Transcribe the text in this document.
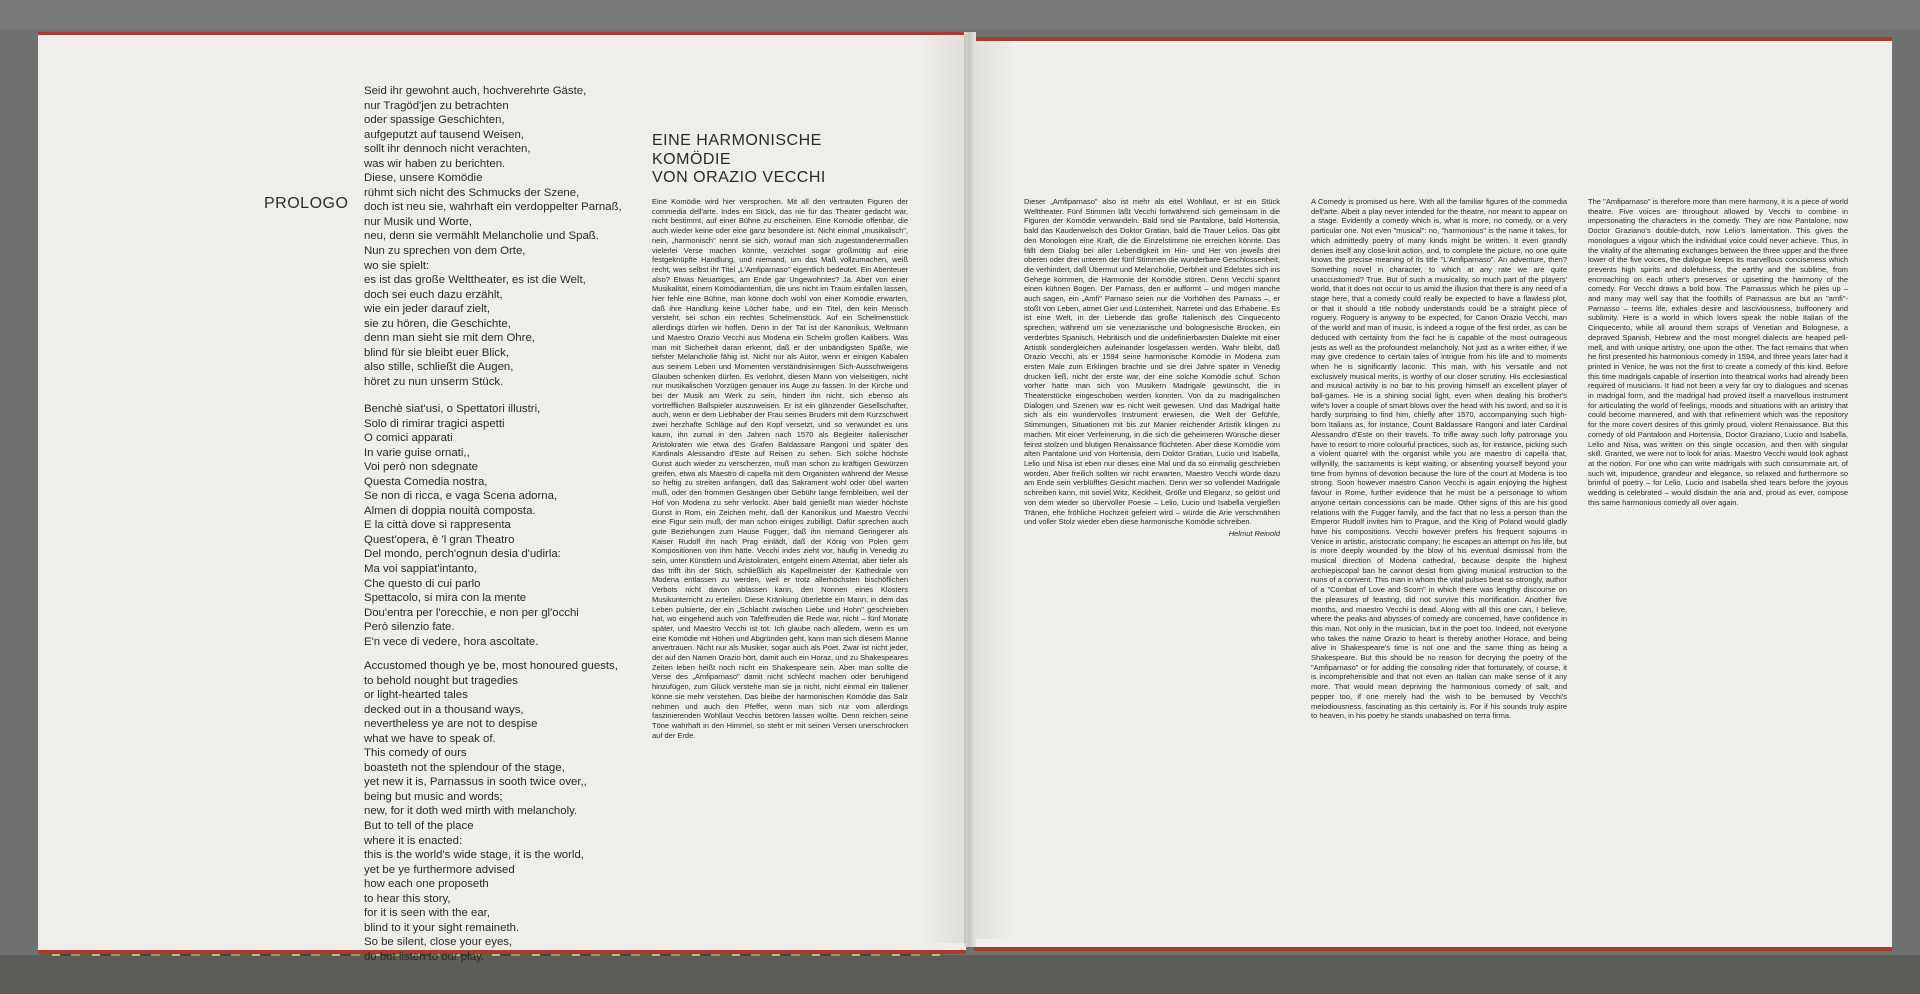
PROLOGO
Seid ihr gewohnt auch, hochverehrte Gäste,
nur Tragöd'jen zu betrachten
oder spassige Geschichten,
aufgeputzt auf tausend Weisen,
sollt ihr dennoch nicht verachten,
was wir haben zu berichten.
Diese, unsere Komödie
rühmt sich nicht des Schmucks der Szene,
doch ist neu sie, wahrhaft ein verdoppelter Parnaß,
nur Musik und Worte,
neu, denn sie vermählt Melancholie und Spaß.
Nun zu sprechen von dem Orte,
wo sie spielt:
es ist das große Welttheater, es ist die Welt,
doch sei euch dazu erzählt,
wie ein jeder darauf zielt,
sie zu hören, die Geschichte,
denn man sieht sie mit dem Ohre,
blind für sie bleibt euer Blick,
also stille, schließt die Augen,
höret zu nun unserm Stück.
Benchè siat'usi, o Spettatori illustri,
Solo di rimirar tragici aspetti
O comici apparati
In varie guise ornati,,
Voi però non sdegnate
Questa Comedia nostra,
Se non di ricca, e vaga Scena adorna,
Almen di doppia nouità composta.
E la città dove si rappresenta
Quest'opera, è 'l gran Theatro
Del mondo, perch'ognun desia d'udirla:
Ma voi sappiat'intanto,
Che questo di cui parlo
Spettacolo, si mira con la mente
Dou'entra per l'orecchie, e non per gl'occhi
Però silenzio fate.
E'n vece di vedere, hora ascoltate.
Accustomed though ye be, most honoured guests,
to behold nought but tragedies
or light-hearted tales
decked out in a thousand ways,
nevertheless ye are not to despise
what we have to speak of.
This comedy of ours
boasteth not the splendour of the stage,
yet new it is, Parnassus in sooth twice over,,
being but music and words;
new, for it doth wed mirth with melancholy.
But to tell of the place
where it is enacted:
this is the world's wide stage, it is the world,
yet be ye furthermore advised
how each one proposeth
to hear this story,
for it is seen with the ear,
blind to it your sight remaineth.
So be silent, close your eyes,
do but listen to our play.
EINE HARMONISCHE
KOMÖDIE
VON ORAZIO VECCHI
Eine Komödie wird hier versprochen. Mit all den vertrauten Figuren der commedia dell'arte. Indes ein Stück, das nie für das Theater gedacht war, nicht bestimmt, auf einer Bühne zu erscheinen. Eine Komödie offenbar, die auch wieder keine oder eine ganz besondere ist. Nicht einmal „musikalisch", nein, „harmonisch" nennt sie sich, worauf man sich zugestandenermaßen vielerlei Verse machen könnte, verzichtet sogar großmütig auf eine festgeknüpfte Handlung, und niemand, um das Maß vollzumachen, weiß recht, was selbst ihr Titel „L'Amfiparnaso" eigentlich bedeutet. Ein Abenteuer also? Etwas Neuartiges, am Ende gar Ungewohntes? Ja. Aber von einer Musikalität, einem Komödiantentum, die uns nicht im Traum einfallen lassen, hier fehle eine Bühne, man könne doch wohl von einer Komödie erwarten, daß ihre Handlung keine Löcher habe, und ein Titel, den kein Mensch versteht, sei schon ein rechtes Schelmenstück. Auf ein Schelmenstück allerdings dürfen wir hoffen. Denn in der Tat ist der Kanonikus, Weltmann und Maestro Orazio Vecchi aus Modena ein Schelm großen Kalibers. Was man mit Sicherheit daran erkennt, daß er der unbändigsten Späße, wie tiefster Melancholie fähig ist. Nicht nur als Autor, wenn er einigen Kabalen aus seinem Leben und Momenten verständnisinnigen Sich-Ausschweigens Glauben schenken dürfen. Es verlohnt, diesen Mann von vielseitigen, nicht nur musikalischen Vorzügen genauer ins Auge zu fassen. In der Kirche und bei der Musik am Werk zu sein, hindert ihn nicht, sich ebenso als vortrefflichen Ballspieler auszuweisen. Er ist ein glänzender Gesellschafter, auch, wenn er dem Liebhaber der Frau seines Bruders mit dem Kurzschwert zwei herzhafte Schläge auf den Kopf versetzt, und so verwundet es uns kaum, ihn zumal in den Jahren nach 1570 als Begleiter italienischer Aristokraten wie etwa des Grafen Baldassare Rangoni und später des Kardinals Alessandro d'Este auf Reisen zu sehen. Sich solche höchste Gunst auch wieder zu verscherzen, muß man schon zu kräftigen Gewürzen greifen, etwa als Maestro di capella mit dem Organisten während der Messe so heftig zu streiten anfangen, daß das Sakrament wohl oder übel warten muß, oder den frommen Gesängen über Gebühr lange fernbleiben, weil der Hof von Modena zu sehr verlockt. Aber bald genießt man wieder höchste Gunst in Rom, ein Zeichen mehr, daß der Kanonikus und Maestro Vecchi eine Figur sein muß, der man schon einiges zubilligt. Dafür sprechen auch gute Beziehungen zum Hause Fugger, daß ihn niemand Geringerer als Kaiser Rudolf ihn nach Prag einlädt, daß der König von Polen gern Kompositionen von ihm hätte. Vecchi indes zieht vor, häufig in Venedig zu sein, unter Künstlern und Aristokraten, entgeht einem Attentat, aber tiefer als das trifft ihn der Stich, schließlich als Kapellmeister der Kathedrale von Modena entlassen zu werden, weil er trotz allerhöchsten bischöflichen Verbots nicht davon ablassen kann, den Nonnen eines Klosters Musikunterricht zu erteilen. Diese Kränkung überlebte ein Mann, in dem das Leben pulsierte, der ein „Schlacht zwischen Liebe und Hohn" geschrieben hat, wo eingehend auch von Tafelfreuden die Rede war, nicht – fünf Monate später, und Maestro Vecchi ist tot. Ich glaube nach alledem, wenn es um eine Komödie mit Höhen und Abgründen geht, kann man sich diesem Manne anvertrauen. Nicht nur als Musiker, sogar auch als Poet. Zwar ist nicht jeder, der auf den Namen Orazio hört, damit auch ein Horaz, und zu Shakespeares Zeiten leben heißt noch nicht ein Shakespeare sein. Aber man sollte die Verse des „Amfiparnaso" damit nicht schlecht machen oder beruhigend hinzufügen, zum Glück verstehe man sie ja nicht, nicht einmal ein Italiener könne sie mehr verstehen. Das bleibe der harmonischen Komödie das Salz nehmen und auch den Pfeffer, wenn man sich nur vom allerdings faszinierenden Wohllaut Vecchis betören lassen wollte. Denn reichen seine Töne wahrhaft in den Himmel, so steht er mit seinen Versen unerschrocken auf der Erde.
Dieser „Amfiparnaso" also ist mehr als eitel Wohllaut, er ist ein Stück Welttheater. Fünf Stimmen läßt Vecchi fortwährend sich gemeinsam in die Figuren der Komödie verwandeln. Bald sind sie Pantalone, bald Hortensia, bald das Kauderwelsch des Doktor Gratian, bald die Trauer Lelios. Das gibt den Monologen eine Kraft, die die Einzelstimme nie erreichen könnte. Das fällt dem Dialog bei aller Lebendigkeit im Hin- und Her von jeweils drei oberen oder drei unteren der fünf Stimmen die wunderbare Geschlossenheit, die verhindert, daß Übermut und Melancholie, Derbheit und Edelstes sich ins Gehege kommen, die Harmonie der Komödie stören. Denn Vecchi spannt einen kühnen Bogen. Der Parnass, den er aufformt – und mögen manche auch sagen, ein „Amfi" Parnaso seien nur die Vorhöhen des Parnass –, er stoßt von Leben, atmet Gier und Lüsternheit, Narretei und das Erhabene. Es ist eine Welt, in der Liebende das große Italienisch des Cinquecento sprechen, während um sie venezianische und bolognesische Brocken, ein verderbtes Spanisch, Hebräisch und die undefinierbarsten Dialekte mit einer Artistik sondergleichen aufeinander losgelassen werden. Wahr bleibt, daß Orazio Vecchi, als er 1594 seine harmonische Komödie in Modena zum ersten Male zum Erklingen brachte und sie drei Jahre später in Venedig drucken ließ, nicht der erste war, der eine solche Komödie schuf. Schon vorher hatte man sich von Musikern Madrigale gewünscht, die in Theaterstücke eingeschoben werden konnten. Von da zu madrigalischen Dialogen und Szenen war es nicht weit gewesen. Und das Madrigal hatte sich als ein wundervolles Instrument erwiesen, die Welt der Gefühle, Stimmungen, Situationen mit bis zur Manier reichender Artistik klingen zu machen. Mit einer Verfeinerung, in die sich die geheimeren Wünsche dieser feinst stolzen und blutigen Renaissance flüchteten. Aber diese Komödie vom alten Pantalone und von Hortensia, dem Doktor Gratian, Lucio und Isabella, Lelio und Nisa ist eben nur dieses eine Mal und da so einmalig geschrieben worden. Aber freilich sollten wir nicht erwarten, Maestro Vecchi würde dazu am Ende sein verblüfftes Gesicht machen. Denn wer so vollendet Madrigale schreiben kann, mit soviel Witz, Keckheit, Größe und Eleganz, so gelöst und von dem wieder so übervoller Poesie – Lelio, Lucio und Isabella vergießen Tränen, ehe fröhliche Hochzeit gefeiert wird – würde die Arie verschmähen und voller Stolz wieder eben diese harmonische Komödie schreiben.
Helmut Reinold
A Comedy is promised us here. With all the familiar figures of the commedia dell'arte. Albeit a play never intended for the theatre, nor meant to appear on a stage. Evidently a comedy which is, what is more, no comedy, or a very particular one. Not even "musical": no, "harmonious" is the name it takes, for which admittedly poetry of many kinds might be written. It even grandly denies itself any close-knit action, and, to complete the picture, no one quite knows the precise meaning of its title "L'Amfiparnaso". An adventure, then? Something novel in character, to which at any rate we are quite unaccustomed? True. But of such a musicality, so much part of the players' world, that it does not occur to us amid the illusion that there is any need of a stage here, that a comedy could really be expected to have a flawless plot, or that it should a title nobody understands could be a straight piece of roguery. Roguery is anyway to be expected, for Canon Orazio Vecchi, man of the world and man of music, is indeed a rogue of the first order, as can be deduced with certainty from the fact he is capable of the most outrageous jests as well as the profoundest melancholy. Not just as a writer either, if we may give credence to certain tales of intrigue from his life and to moments when he is significantly laconic. This man, with his versatile and not exclusively musical merits, is worthy of our closer scrutiny. His ecclesiastical and musical activity is no bar to his proving himself an excellent player of ball-games. He is a shining social light, even when dealing his brother's wife's lover a couple of smart blows over the head with his sword, and so it is hardly surprising to find him, chiefly after 1570, accompanying such high-born Italians as, for instance, Count Baldassare Rangoni and later Cardinal Alessandro d'Este on their travels. To trifle away such lofty patronage you have to resort to more colourful practices, such as, for instance, picking such a violent quarrel with the organist while you are maestro di capella that, willynilly, the sacraments is kept waiting, or absenting yourself beyond your time from hymns of devotion because the lure of the court at Modena is too strong. Soon however maestro Canon Vecchi is again enjoying the highest favour in Rome, further evidence that he must be a personage to whom anyone certain concessions can be made. Other signs of this are his good relations with the Fugger family, and the fact that no less a person than the Emperor Rudolf invites him to Prague, and the King of Poland would gladly have his compositions. Vecchi however prefers his frequent sojourns in Venice in artistic, aristocratic company; he escapes an attempt on his life, but is more deeply wounded by the blow of his eventual dismissal from the musical direction of Modena cathedral, because despite the highest archiepiscopal ban he cannot desist from giving musical instruction to the nuns of a convent. This man in whom the vital pulses beat so strongly, author of a "Combat of Love and Scorn" in which there was lengthy discourse on the pleasures of feasting, did not survive this mortification. Another five months, and maestro Vecchi is dead. Along with all this one can, I believe, where the peaks and abysses of comedy are concerned, have confidence in this man. Not only in the musician, but in the poet too. Indeed, not everyone who takes the name Orazio to heart is thereby another Horace, and being alive in Shakespeare's time is not one and the same thing as being a Shakespeare. But this should be no reason for decrying the poetry of the "Amfiparnaso" or for adding the consoling rider that fortunately, of course, it is incomprehensible and that not even an Italian can make sense of it any more. That would mean depriving the harmonious comedy of salt, and pepper too, if one merely had the wish to be bemused by Vecchi's melodiousness, fascinating as this certainly is. For if his sounds truly aspire to heaven, in his poetry he stands unabashed on terra firma.
The "Amfiparnaso" is therefore more than mere harmony, it is a piece of world theatre. Five voices are throughout allowed by Vecchi to combine in impersonating the characters in the comedy. They are now Pantalone, now Doctor Graziano's double-dutch, now Lelio's lamentation. This gives the monologues a vigour which the individual voice could never achieve. Thus, in the vitality of the alternating exchanges between the three upper and the three lower of the five voices, the dialogue keeps its marvellous conciseness which prevents high spirits and dolefulness, the earthy and the sublime, from encroaching on each other's preserves or upsetting the harmony of the comedy. For Vecchi draws a bold bow. The Parnassus which he piles up – and many may well say that the foothills of Parnassus are but an "amfi"-Parnasso – teems life, exhales desire and lasciviousness, buffoonery and sublimity. Here is a world in which lovers speak the noble Italian of the Cinquecento, while all around them scraps of Venetian and Bolognese, a depraved Spanish, Hebrew and the most mongrel dialects are heaped pell-mell, and with unique artistry, one upon the other. The fact remains that when he first presented his harmonious comedy in 1594, and three years later had it printed in Venice, he was not the first to create a comedy of this kind. Before this time madrigals capable of insertion into theatrical works had already been required of musicians. It had not been a very far cry to dialogues and scenas in madrigal form, and the madrigal had proved itself a marvellous instrument for articulating the world of feelings, moods and situations with an artistry that could become mannered, and with that refinement which was the repository for the more covert desires of this grimly proud, violent Renaissance. But this comedy of old Pantaloon and Hortensia, Doctor Graziano, Lucio and Isabella, Lelio and Nisa, was written on this single occasion, and then with singular skill. Granted, we were not to look for arias. Maestro Vecchi would look aghast at the notion. For one who can write madrigals with such consummate art, of such wit, impudence, grandeur and elegance, so relaxed and furthermore so brimful of poetry – for Lelio, Lucio and Isabella shed tears before the joyous wedding is celebrated – would disdain the aria and, proud as ever, compose this same harmonious comedy all over again.
